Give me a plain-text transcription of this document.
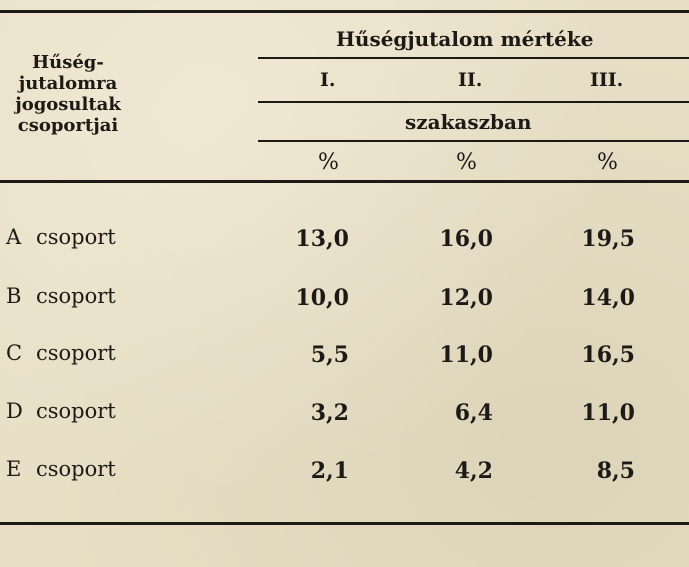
Hűség-
jutalomra
jogosultak
csoportjai
Hűségjutalom mértéke
I.	II.	III.
szakaszban
%	%	%
A csoport	13,0	16,0	19,5
B csoport	10,0	12,0	14,0
C csoport	5,5	11,0	16,5
D csoport	3,2	6,4	11,0
E csoport	2,1	4,2	8,5
